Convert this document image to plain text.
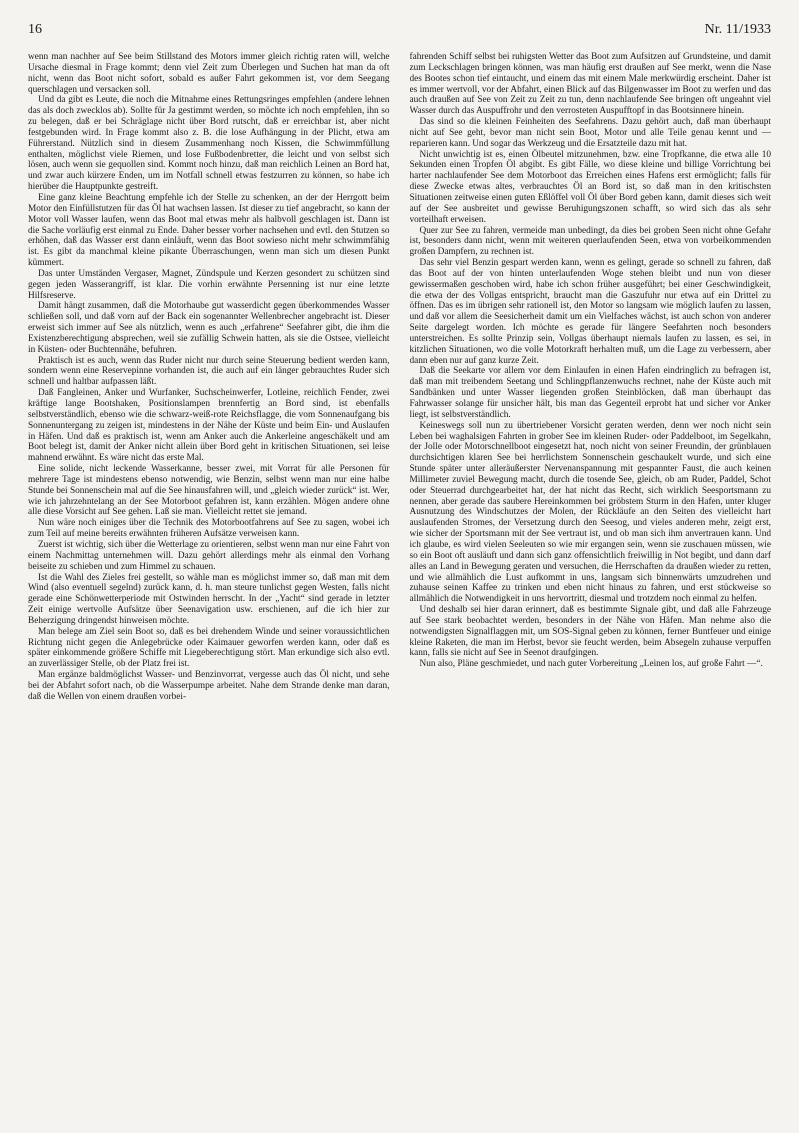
16	Nr. 11/1933

wenn man nachher auf See beim Stillstand des Motors immer gleich richtig raten will, welche Ursache diesmal in Frage kommt; denn viel Zeit zum Überlegen und Suchen hat man da oft nicht, wenn das Boot nicht sofort, sobald es außer Fahrt gekommen ist, vor dem Seegang querschlagen und versacken soll.

Und da gibt es Leute, die noch die Mitnahme eines Rettungsringes empfehlen (andere lehnen das als doch zwecklos ab). Sollte für Ja gestimmt werden, so möchte ich noch empfehlen, ihn so zu belegen, daß er bei Schräglage nicht über Bord rutscht, daß er erreichbar ist, aber nicht festgebunden wird. In Frage kommt also z. B. die lose Aufhängung in der Plicht, etwa am Führerstand. Nützlich sind in diesem Zusammenhang noch Kissen, die Schwimmfüllung enthalten, möglichst viele Riemen, und lose Fußbodenbretter, die leicht und von selbst sich lösen, auch wenn sie gequollen sind. Kommt noch hinzu, daß man reichlich Leinen an Bord hat, und zwar auch kürzere Enden, um im Notfall schnell etwas festzurren zu können, so habe ich hierüber die Hauptpunkte gestreift.

Eine ganz kleine Beachtung empfehle ich der Stelle zu schenken, an der der Herrgott beim Motor den Einfüllstutzen für das Öl hat wachsen lassen. Ist dieser zu tief angebracht, so kann der Motor voll Wasser laufen, wenn das Boot mal etwas mehr als halbvoll geschlagen ist. Dann ist die Sache vorläufig erst einmal zu Ende. Daher besser vorher nachsehen und evtl. den Stutzen so erhöhen, daß das Wasser erst dann einläuft, wenn das Boot sowieso nicht mehr schwimmfähig ist. Es gibt da manchmal kleine pikante Überraschungen, wenn man sich um diesen Punkt kümmert.

Das unter Umständen Vergaser, Magnet, Zündspule und Kerzen gesondert zu schützen sind gegen jeden Wasserangriff, ist klar. Die vorhin erwähnte Persenning ist nur eine letzte Hilfsreserve.

Damit hängt zusammen, daß die Motorhaube gut wasserdicht gegen überkommendes Wasser schließen soll, und daß vorn auf der Back ein sogenannter Wellenbrecher angebracht ist. Dieser erweist sich immer auf See als nützlich, wenn es auch „erfahrene“ Seefahrer gibt, die ihm die Existenzberechtigung absprechen, weil sie zufällig Schwein hatten, als sie die Ostsee, vielleicht in Küsten- oder Buchtennähe, befuhren.

Praktisch ist es auch, wenn das Ruder nicht nur durch seine Steuerung bedient werden kann, sondern wenn eine Reservepinne vorhanden ist, die auch auf ein länger gebrauchtes Ruder sich schnell und haltbar aufpassen läßt.

Daß Fangleinen, Anker und Wurfanker, Suchscheinwerfer, Lotleine, reichlich Fender, zwei kräftige lange Bootshaken, Positionslampen brennfertig an Bord sind, ist ebenfalls selbstverständlich, ebenso wie die schwarz-weiß-rote Reichsflagge, die vom Sonnenaufgang bis Sonnenuntergang zu zeigen ist, mindestens in der Nähe der Küste und beim Ein- und Auslaufen in Häfen. Und daß es praktisch ist, wenn am Anker auch die Ankerleine angeschäkelt und am Boot belegt ist, damit der Anker nicht allein über Bord geht in kritischen Situationen, sei leise mahnend erwähnt. Es wäre nicht das erste Mal.

Eine solide, nicht leckende Wasserkanne, besser zwei, mit Vorrat für alle Personen für mehrere Tage ist mindestens ebenso notwendig, wie Benzin, selbst wenn man nur eine halbe Stunde bei Sonnenschein mal auf die See hinausfahren will, und „gleich wieder zurück“ ist. Wer, wie ich jahrzehntelang an der See Motorboot gefahren ist, kann erzählen. Mögen andere ohne alle diese Vorsicht auf See gehen. Laß sie man. Vielleicht rettet sie jemand.

Nun wäre noch einiges über die Technik des Motorbootfahrens auf See zu sagen, wobei ich zum Teil auf meine bereits erwähnten früheren Aufsätze verweisen kann.

Zuerst ist wichtig, sich über die Wetterlage zu orientieren, selbst wenn man nur eine Fahrt von einem Nachmittag unternehmen will. Dazu gehört allerdings mehr als einmal den Vorhang beiseite zu schieben und zum Himmel zu schauen.

Ist die Wahl des Zieles frei gestellt, so wähle man es möglichst immer so, daß man mit dem Wind (also eventuell segelnd) zurück kann, d. h. man steure tunlichst gegen Westen, falls nicht gerade eine Schönwetterperiode mit Ostwinden herrscht. In der „Yacht“ sind gerade in letzter Zeit einige wertvolle Aufsätze über Seenavigation usw. erschienen, auf die ich hier zur Beherzigung dringendst hinweisen möchte.

Man belege am Ziel sein Boot so, daß es bei drehendem Winde und seiner voraussichtlichen Richtung nicht gegen die Anlegebrücke oder Kaimauer geworfen werden kann, oder daß es später einkommende größere Schiffe mit Liegeberechtigung stört. Man erkundige sich also evtl. an zuverlässiger Stelle, ob der Platz frei ist.

Man ergänze baldmöglichst Wasser- und Benzinvorrat, vergesse auch das Öl nicht, und sehe bei der Abfahrt sofort nach, ob die Wasserpumpe arbeitet. Nahe dem Strande denke man daran, daß die Wellen von einem draußen vorbei-

fahrenden Schiff selbst bei ruhigsten Wetter das Boot zum Aufsitzen auf Grundsteine, und damit zum Leckschlagen bringen können, was man häufig erst draußen auf See merkt, wenn die Nase des Bootes schon tief eintaucht, und einem das mit einem Male merkwürdig erscheint. Daher ist es immer wertvoll, vor der Abfahrt, einen Blick auf das Bilgenwasser im Boot zu werfen und das auch draußen auf See von Zeit zu Zeit zu tun, denn nachlaufende See bringen oft ungeahnt viel Wasser durch das Auspuffrohr und den verrosteten Auspufftopf in das Bootsinnere hinein.

Das sind so die kleinen Feinheiten des Seefahrens. Dazu gehört auch, daß man überhaupt nicht auf See geht, bevor man nicht sein Boot, Motor und alle Teile genau kennt und — reparieren kann. Und sogar das Werkzeug und die Ersatzteile dazu mit hat.

Nicht unwichtig ist es, einen Ölbeutel mitzunehmen, bzw. eine Tropfkanne, die etwa alle 10 Sekunden einen Tropfen Öl abgibt. Es gibt Fälle, wo diese kleine und billige Vorrichtung bei harter nachlaufender See dem Motorboot das Erreichen eines Hafens erst ermöglicht; falls für diese Zwecke etwas altes, verbrauchtes Öl an Bord ist, so daß man in den kritischsten Situationen zeitweise einen guten Eßlöffel voll Öl über Bord geben kann, damit dieses sich weit auf der See ausbreitet und gewisse Beruhigungszonen schafft, so wird sich das als sehr vorteilhaft erweisen.

Quer zur See zu fahren, vermeide man unbedingt, da dies bei groben Seen nicht ohne Gefahr ist, besonders dann nicht, wenn mit weiteren querlaufenden Seen, etwa von vorbeikommenden großen Dampfern, zu rechnen ist.

Das sehr viel Benzin gespart werden kann, wenn es gelingt, gerade so schnell zu fahren, daß das Boot auf der von hinten unterlaufenden Woge stehen bleibt und nun von dieser gewissermaßen geschoben wird, habe ich schon früher ausgeführt; bei einer Geschwindigkeit, die etwa der des Vollgas entspricht, braucht man die Gaszufuhr nur etwa auf ein Drittel zu öffnen. Das es im übrigen sehr rationell ist, den Motor so langsam wie möglich laufen zu lassen, und daß vor allem die Seesicherheit damit um ein Vielfaches wächst, ist auch schon von anderer Seite dargelegt worden. Ich möchte es gerade für längere Seefahrten noch besonders unterstreichen. Es sollte Prinzip sein, Vollgas überhaupt niemals laufen zu lassen, es sei, in kitzlichen Situationen, wo die volle Motorkraft herhalten muß, um die Lage zu verbessern, aber dann eben nur auf ganz kurze Zeit.

Daß die Seekarte vor allem vor dem Einlaufen in einen Hafen eindringlich zu befragen ist, daß man mit treibendem Seetang und Schlingpflanzenwuchs rechnet, nahe der Küste auch mit Sandbänken und unter Wasser liegenden großen Steinblöcken, daß man überhaupt das Fahrwasser solange für unsicher hält, bis man das Gegenteil erprobt hat und sicher vor Anker liegt, ist selbstverständlich.

Keineswegs soll nun zu übertriebener Vorsicht geraten werden, denn wer noch nicht sein Leben bei waghalsigen Fahrten in grober See im kleinen Ruder- oder Paddelboot, im Segelkahn, der Jolle oder Motorschnellboot eingesetzt hat, noch nicht von seiner Freundin, der grünblauen durchsichtigen klaren See bei herrlichstem Sonnenschein geschaukelt wurde, und sich eine Stunde später unter alleräußerster Nervenanspannung mit gespannter Faust, die auch keinen Millimeter zuviel Bewegung macht, durch die tosende See, gleich, ob am Ruder, Paddel, Schot oder Steuerrad durchgearbeitet hat, der hat nicht das Recht, sich wirklich Seesportsmann zu nennen, aber gerade das saubere Hereinkommen bei gröbstem Sturm in den Hafen, unter kluger Ausnutzung des Windschutzes der Molen, der Rückläufe an den Seiten des vielleicht hart auslaufenden Stromes, der Versetzung durch den Seesog, und vieles anderen mehr, zeigt erst, wie sicher der Sportsmann mit der See vertraut ist, und ob man sich ihm anvertrauen kann. Und ich glaube, es wird vielen Seeleuten so wie mir ergangen sein, wenn sie zuschauen müssen, wie so ein Boot oft ausläuft und dann sich ganz offensichtlich freiwillig in Not begibt, und dann darf alles an Land in Bewegung geraten und versuchen, die Herrschaften da draußen wieder zu retten, und wie allmählich die Lust aufkommt in uns, langsam sich binnenwärts umzudrehen und zuhause seinen Kaffee zu trinken und eben nicht hinaus zu fahren, und erst stückweise so allmählich die Notwendigkeit in uns hervortritt, diesmal und trotzdem noch einmal zu helfen.

Und deshalb sei hier daran erinnert, daß es bestimmte Signale gibt, und daß alle Fahrzeuge auf See stark beobachtet werden, besonders in der Nähe von Häfen. Man nehme also die notwendigsten Signalflaggen mit, um SOS-Signal geben zu können, ferner Buntfeuer und einige kleine Raketen, die man im Herbst, bevor sie feucht werden, beim Absegeln zuhause verpuffen kann, falls sie nicht auf See in Seenot draufgingen.

Nun also, Pläne geschmiedet, und nach guter Vorbereitung „Leinen los, auf große Fahrt —“.
